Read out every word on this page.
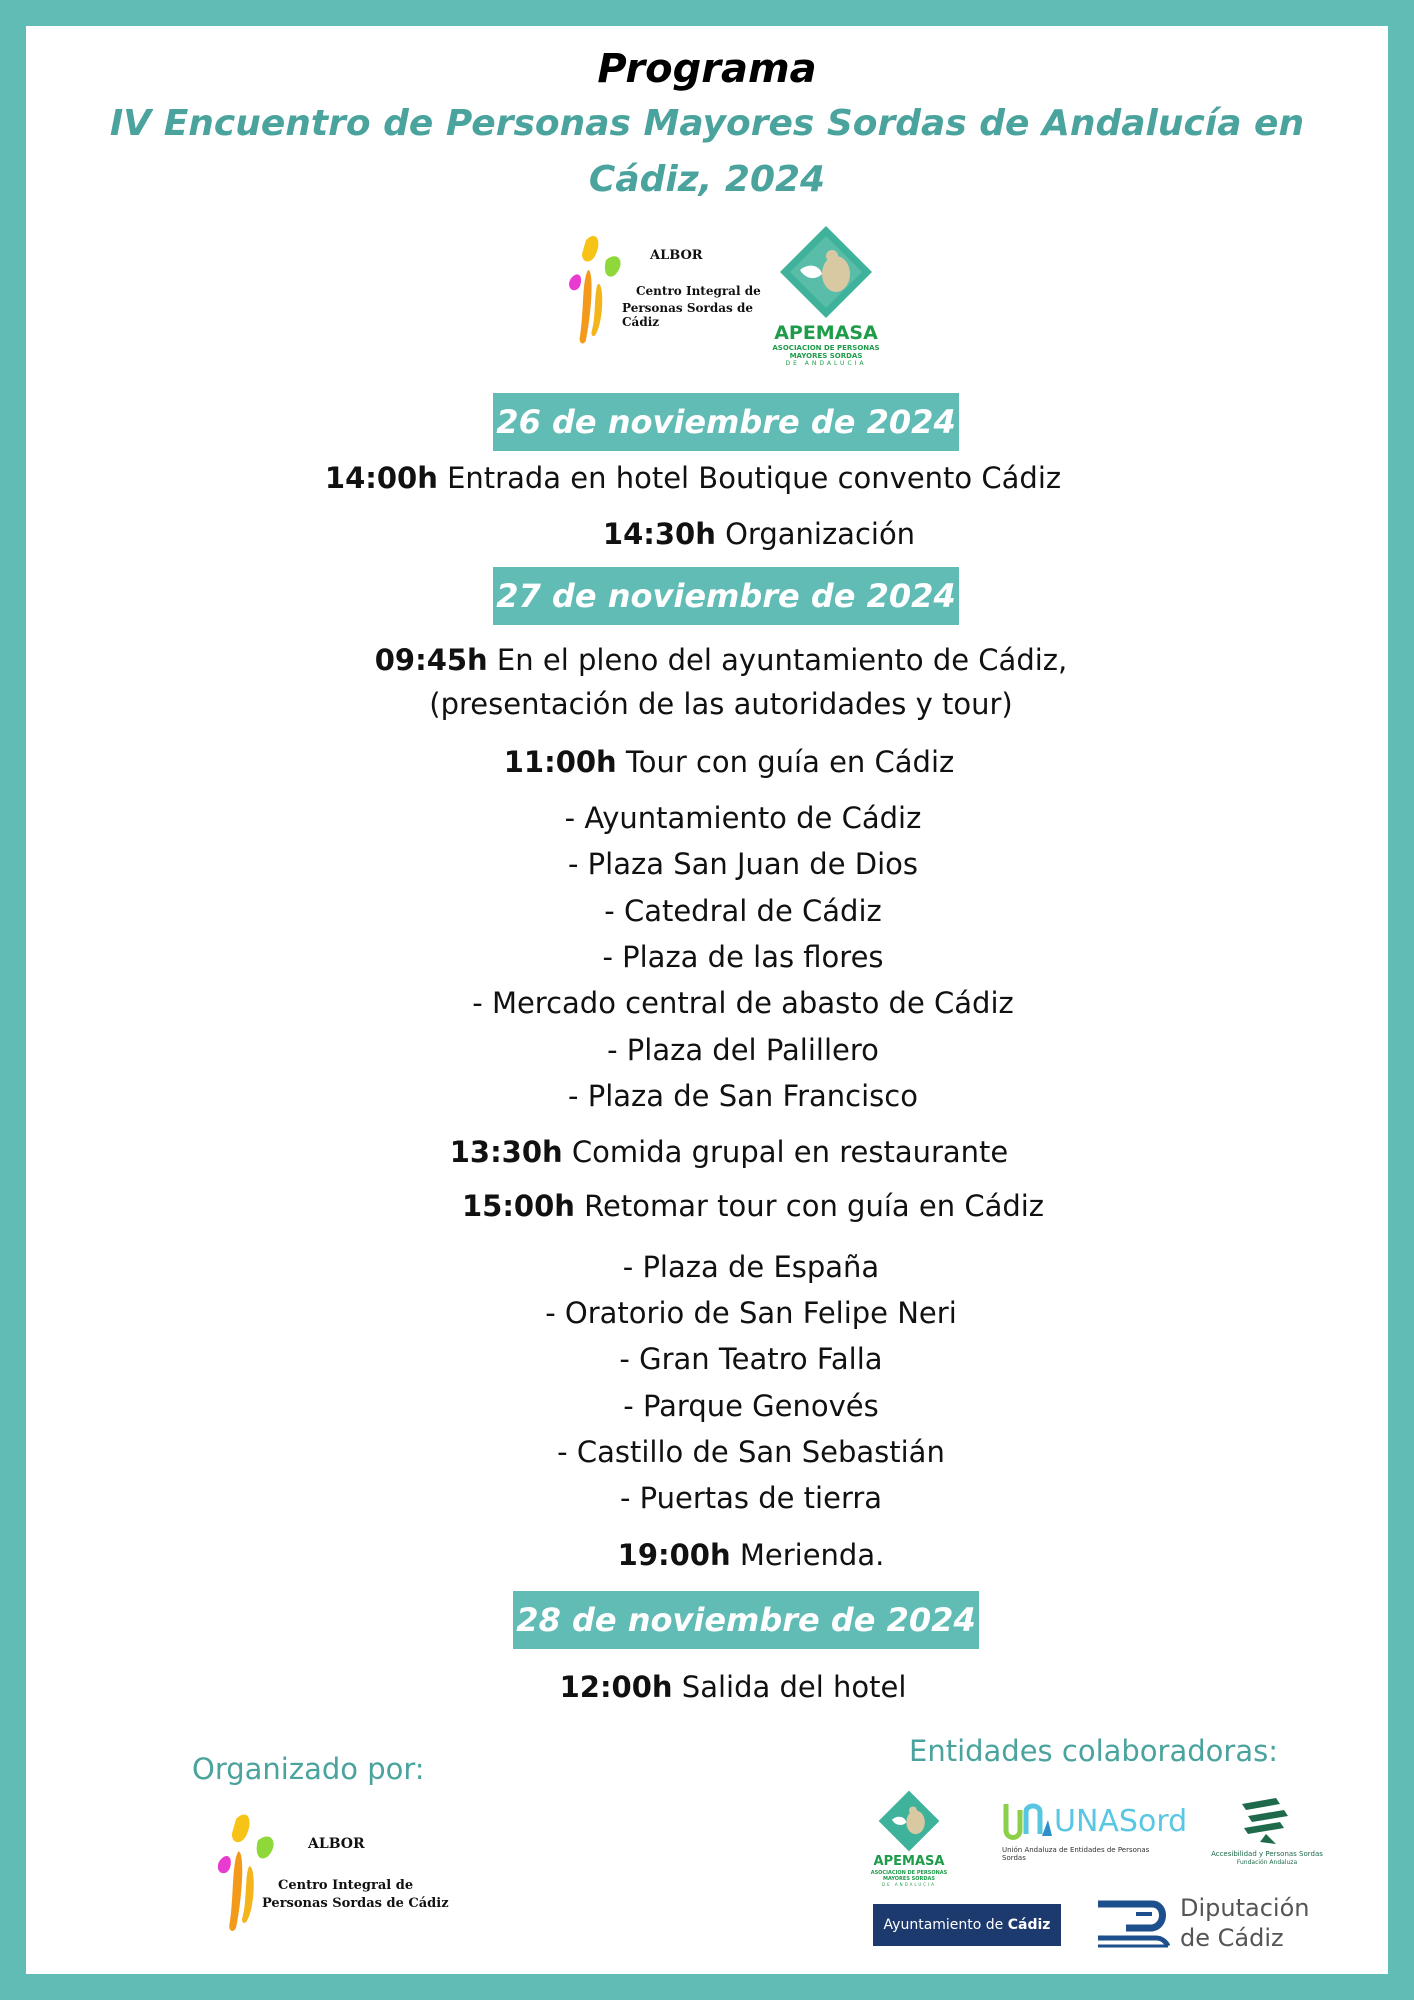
Programa
IV Encuentro de Personas Mayores Sordas de Andalucía en
Cádiz, 2024
ALBOR
Centro Integral de
Personas Sordas de Cádiz	APEMASA
ASOCIACION DE PERSONAS
MAYORES SORDAS
DE ANDALUCIA
26 de noviembre de 2024
14:00h Entrada en hotel Boutique convento Cádiz
14:30h Organización
27 de noviembre de 2024
09:45h En el pleno del ayuntamiento de Cádiz,
(presentación de las autoridades y tour)
11:00h Tour con guía en Cádiz
- Ayuntamiento de Cádiz
- Plaza San Juan de Dios
- Catedral de Cádiz
- Plaza de las flores
- Mercado central de abasto de Cádiz
- Plaza del Palillero
- Plaza de San Francisco
13:30h Comida grupal en restaurante
15:00h Retomar tour con guía en Cádiz
- Plaza de España
- Oratorio de San Felipe Neri
- Gran Teatro Falla
- Parque Genovés
- Castillo de San Sebastián
- Puertas de tierra
19:00h Merienda.
28 de noviembre de 2024
12:00h Salida del hotel
Organizado por:
ALBOR
Centro Integral de
Personas Sordas de Cádiz
Entidades colaboradoras:
APEMASA
ASOCIACION DE PERSONAS
MAYORES SORDAS
DE ANDALUCIA
UNASord
Unión Andaluza de Entidades de Personas Sordas	Accesibilidad y Personas Sordas
Fundación Andaluza
Ayuntamiento de Cádiz
Diputación
de Cádiz
